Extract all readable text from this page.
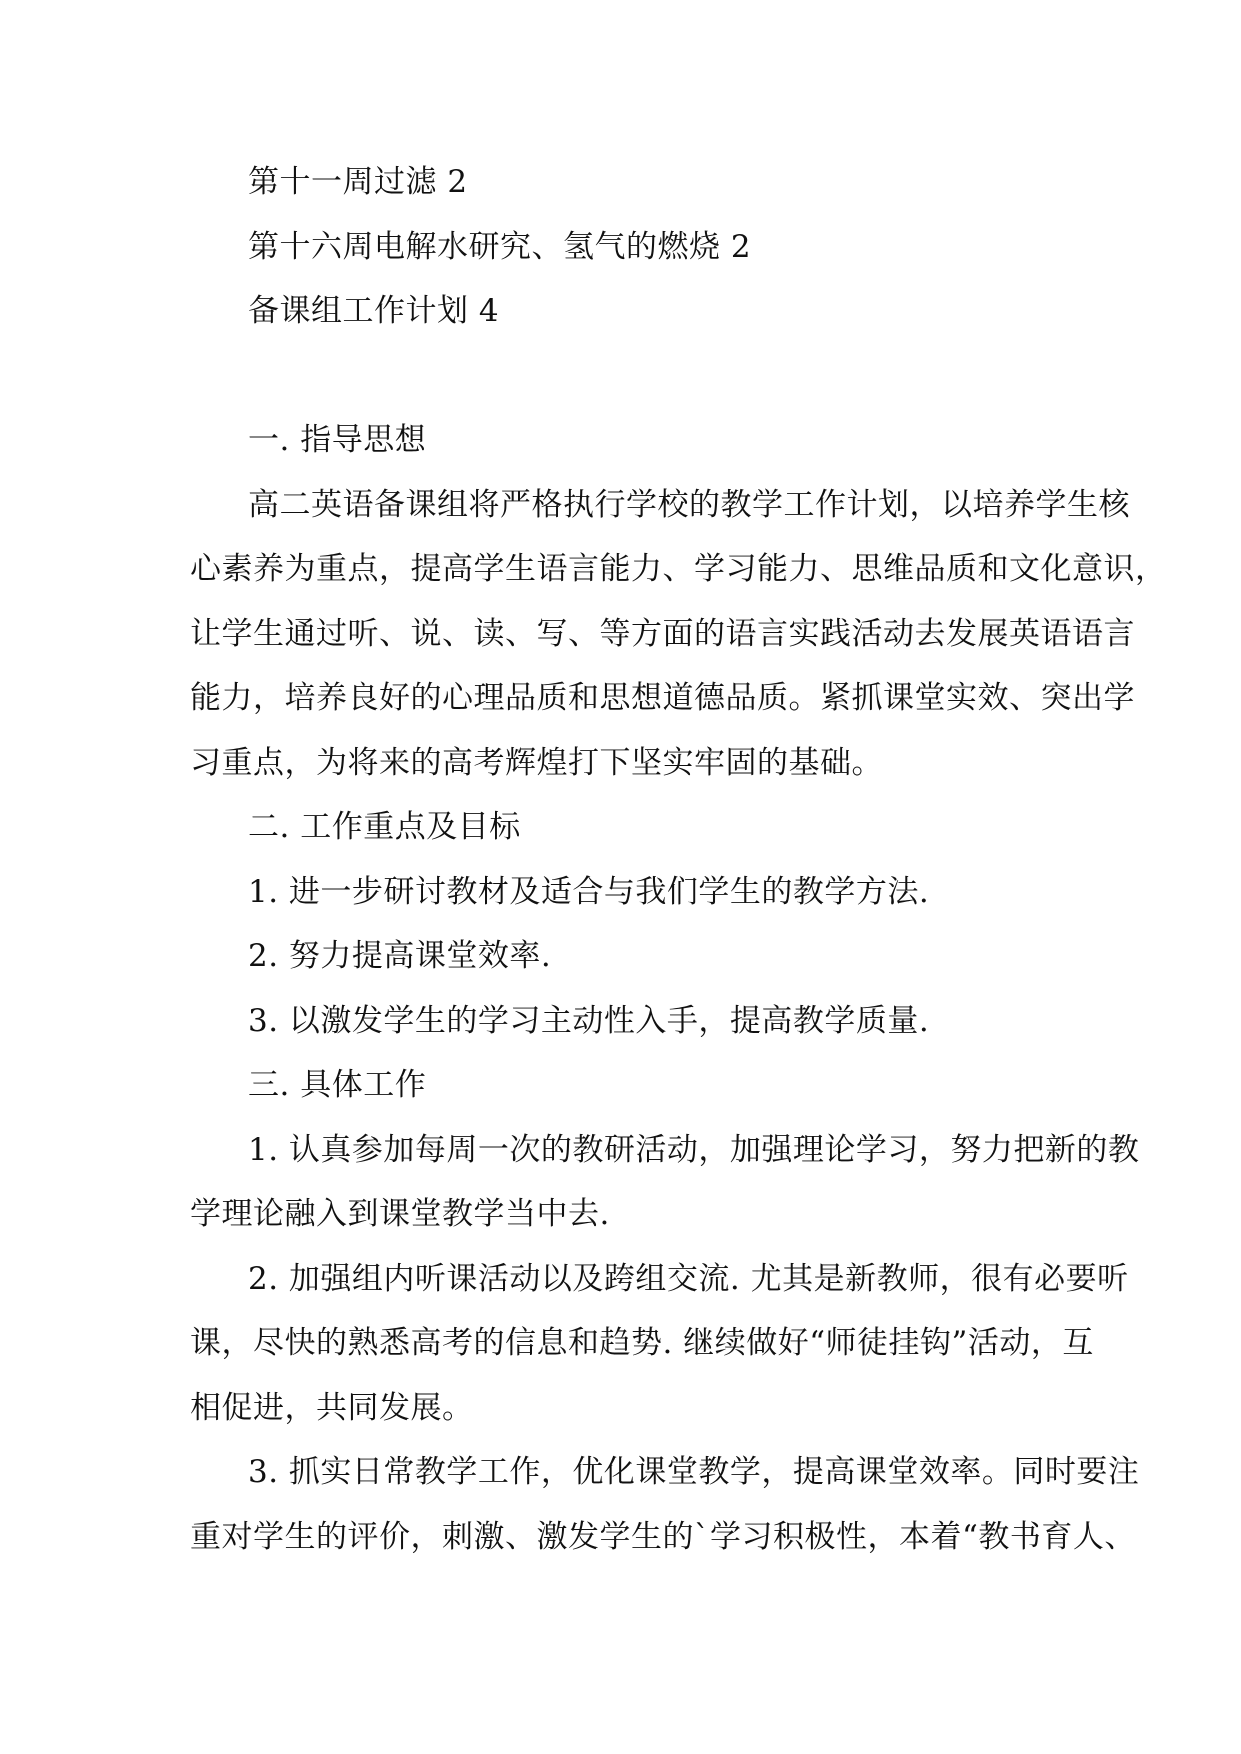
第十一周过滤 2
第十六周电解水研究、氢气的燃烧 2
备课组工作计划 4
一. 指导思想
高二英语备课组将严格执行学校的教学工作计划，以培养学生核
心素养为重点，提高学生语言能力、学习能力、思维品质和文化意识，
让学生通过听、说、读、写、等方面的语言实践活动去发展英语语言
能力，培养良好的心理品质和思想道德品质。紧抓课堂实效、突出学
习重点，为将来的高考辉煌打下坚实牢固的基础。
二. 工作重点及目标
1. 进一步研讨教材及适合与我们学生的教学方法.
2. 努力提高课堂效率.
3. 以激发学生的学习主动性入手，提高教学质量.
三. 具体工作
1. 认真参加每周一次的教研活动，加强理论学习，努力把新的教
学理论融入到课堂教学当中去.
2. 加强组内听课活动以及跨组交流. 尤其是新教师，很有必要听
课，尽快的熟悉高考的信息和趋势. 继续做好“师徒挂钩”活动，互
相促进，共同发展。
3. 抓实日常教学工作，优化课堂教学，提高课堂效率。同时要注
重对学生的评价，刺激、激发学生的`学习积极性，本着“教书育人、
